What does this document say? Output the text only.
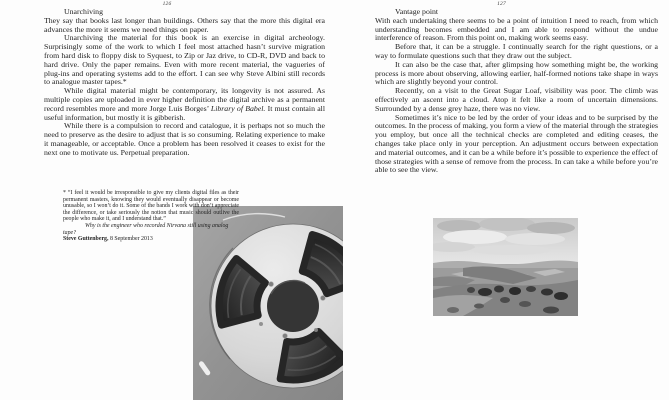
126	127
Unarchiving

They say that books last longer than buildings. Others say that the more this digital era advances the more it seems we need things on paper.

Unarchiving the material for this book is an exercise in digital archeology. Surprisingly some of the work to which I feel most attached hasn’t survive migration from hard disk to floppy disk to Syquest, to Zip or Jaz drive, to CD-R, DVD and back to hard drive. Only the paper remains. Even with more recent material, the vagueries of plug-ins and operating systems add to the effort. I can see why Steve Albini still records to analogue master tapes.*

While digital material might be contemporary, its longevity is not assured. As multiple copies are uploaded in ever higher definition the digital archive as a permanent record resembles more and more Jorge Luis Borges’ Library of Babel. It must contain all useful information, but mostly it is gibberish.

While there is a compulsion to record and catalogue, it is perhaps not so much the need to preserve as the desire to adjust that is so consuming. Relating experience to make it manageable, or acceptable. Once a problem has been resolved it ceases to exist for the next one to motivate us. Perpetual preparation.

* “I feel it would be irresponsible to give my clients digital files as their permanent masters, knowing they would eventually disappear or become unusable, so I won’t do it. Some of the bands I work with don’t appreciate the difference, or take seriously the notion that music should outlive the people who make it, and I understand that.”

Why is the engineer who recorded Nirvana still using analog tape?

Steve Guttenberg, 8 September 2013

Vantage point

With each undertaking there seems to be a point of intuition I need to reach, from which understanding becomes embedded and I am able to respond without the undue interference of reason. From this point on, making work seems easy.

Before that, it can be a struggle. I continually search for the right questions, or a way to formulate questions such that they draw out the subject.

It can also be the case that, after glimpsing how something might be, the working process is more about observing, allowing earlier, half-formed notions take shape in ways which are slightly beyond your control.

Recently, on a visit to the Great Sugar Loaf, visibility was poor. The climb was effectively an ascent into a cloud. Atop it felt like a room of uncertain dimensions. Surrounded by a dense grey haze, there was no view.

Sometimes it’s nice to be led by the order of your ideas and to be surprised by the outcomes. In the process of making, you form a view of the material through the strategies you employ, but once all the technical checks are completed and editing ceases, the changes take place only in your perception. An adjustment occurs between expectation and material outcomes, and it can be a while before it’s possible to experience the effect of those strategies with a sense of remove from the process. In can take a while before you’re able to see the view.
